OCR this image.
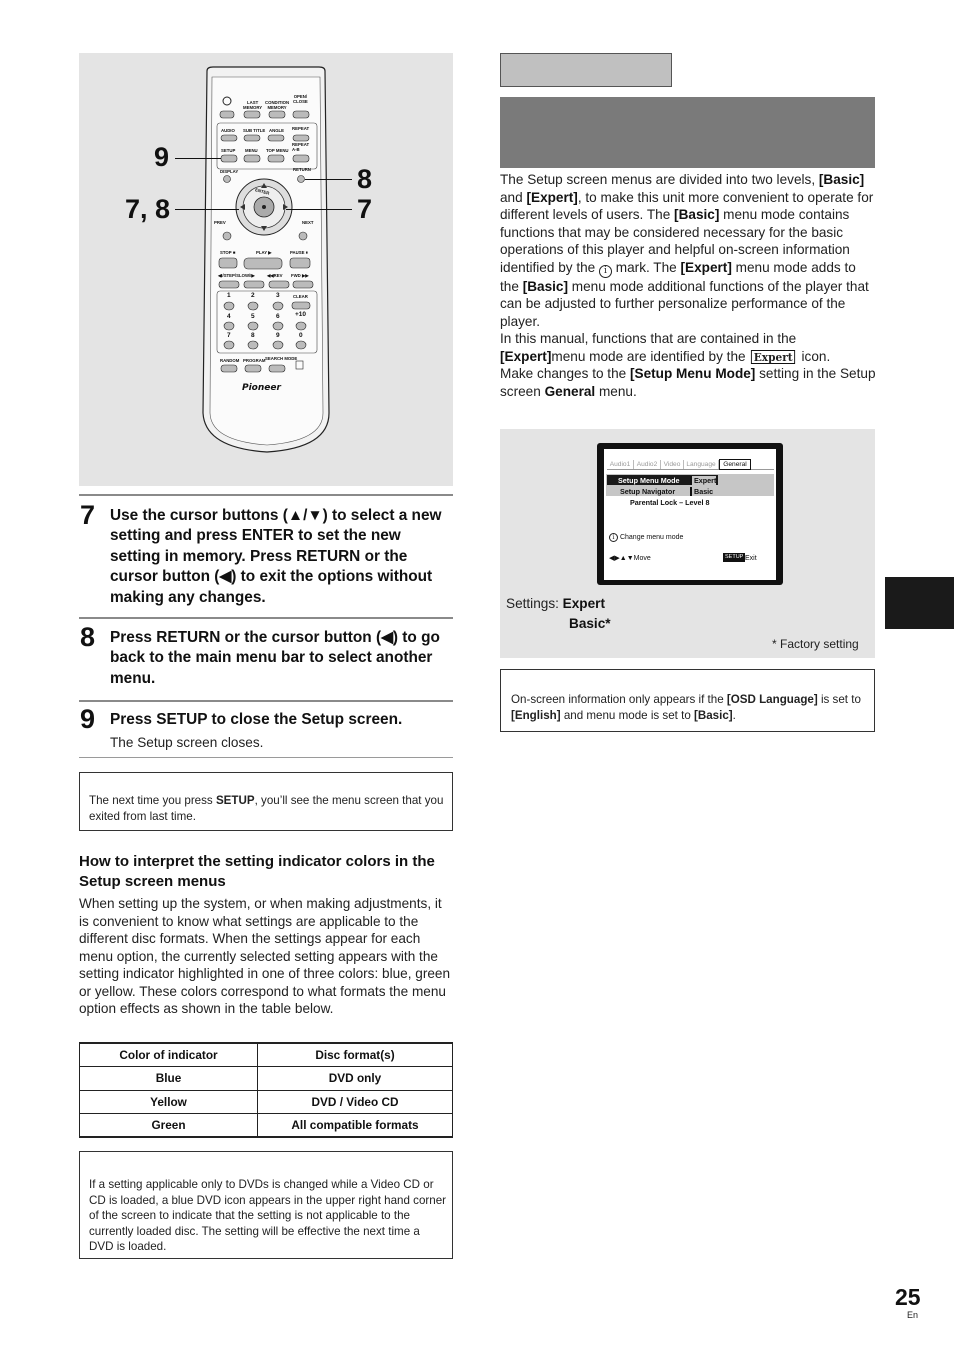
OPEN/
CLOSE
LAST
MEMORY
CONDITION
MEMORY
AUDIO SUB TITLE ANGLE REPEAT
REPEAT
A-B
SETUP MENU TOP MENU
DISPLAY	RETURN
ENTER
PREV	NEXT
STOP ■	PLAY ▶	PAUSE ⏸
◀I/STEP/SLOW/I▶	◀◀REV FWD ▶▶
CLEAR
+10
1	2	3
4	5	6
7	8	9	0
RANDOM PROGRAM SEARCH MODE
Pioneer
9
7, 8
8
7
7 Use the cursor buttons (▲/▼) to select a new setting and press ENTER to set the new setting in memory. Press RETURN or the cursor button (◀) to exit the options without making any changes.
8 Press RETURN or the cursor button (◀) to go back to the main menu bar to select another menu.
9 Press SETUP to close the Setup screen.
The Setup screen closes.
The next time you press SETUP, you’ll see the menu screen that you exited from last time.
How to interpret the setting indicator colors in the Setup screen menus
When setting up the system, or when making adjustments, it is convenient to know what settings are applicable to the different disc formats. When the settings appear for each menu option, the currently selected setting appears with the setting indicator highlighted in one of three colors: blue, green or yellow. These colors correspond to what formats the menu option effects as shown in the table below.
Color of indicator	Disc format(s)
Blue	DVD only
Yellow	DVD / Video CD
Green	All compatible formats
If a setting applicable only to DVDs is changed while a Video CD or CD is loaded, a blue DVD icon appears in the upper right hand corner of the screen to indicate that the setting is not applicable to the currently loaded disc. The setting will be effective the next time a DVD is loaded.
The Setup screen menus are divided into two levels, [Basic] and [Expert], to make this unit more convenient to operate for different levels of users. The [Basic] menu mode contains functions that may be considered necessary for the basic operations of this player and helpful on-screen information identified by the i mark. The [Expert] menu mode adds to the [Basic] menu mode additional functions of the player that can be adjusted to further personalize performance of the player.
In this manual, functions that are contained in the [Expert]menu mode are identified by the Expert icon.
Make changes to the [Setup Menu Mode] setting in the Setup screen General menu.
Audio1 Audio2 Video Language	General
Setup Menu Mode	Expert
Setup Navigator	Basic
Parental Lock – Level 8
i Change menu mode
◀▶▲▼Move	SETUP Exit
Settings: Expert
Basic*
* Factory setting
On-screen information only appears if the [OSD Language] is set to [English] and menu mode is set to [Basic].
25
En
